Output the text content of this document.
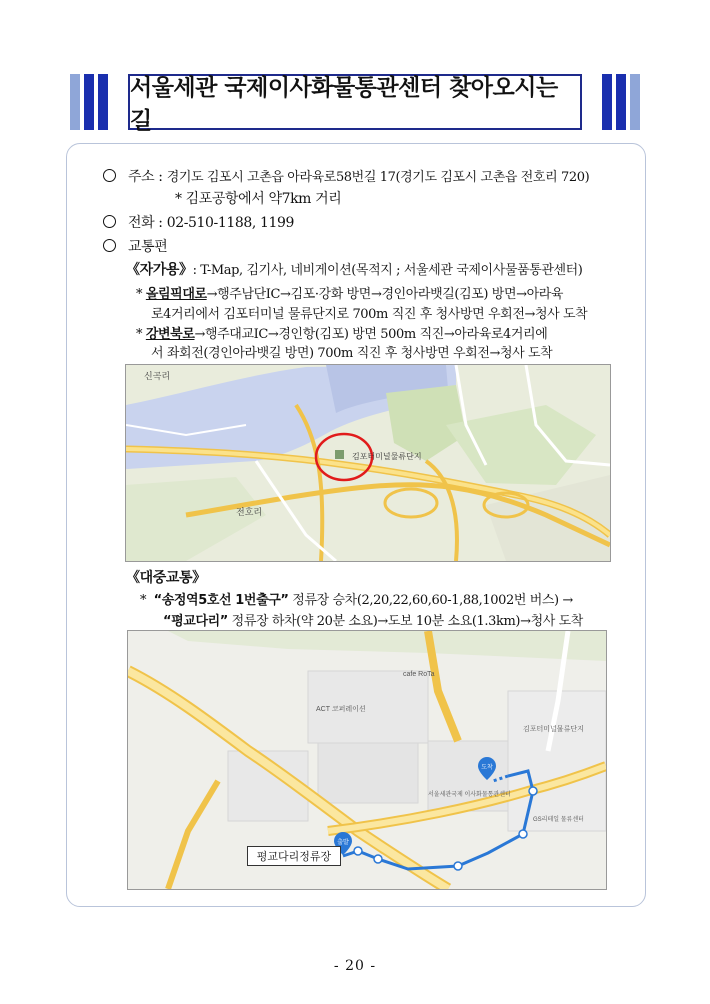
서울세관 국제이사화물통관센터 찾아오시는 길
주소 : 경기도 김포시 고촌읍 아라육로58번길 17(경기도 김포시 고촌읍 전호리 720)
* 김포공항에서 약7km 거리
전화 : 02-510-1188, 1199
교통편
《자가용》: T-Map, 김기사, 네비게이션(목적지 ; 서울세관 국제이사물품통관센터)
* 올림픽대로→행주남단IC→김포·강화 방면→경인아라뱃길(김포) 방면→아라육
로4거리에서 김포터미널 물류단지로 700m 직진 후 청사방면 우회전→청사 도착
* 강변북로→행주대교IC→경인항(김포) 방면 500m 직진→아라육로4거리에
서 좌회전(경인아라뱃길 방면) 700m 직진 후 청사방면 우회전→청사 도착
김포터미널물류단지
신곡리
전호리
《대중교통》
*  “송정역5호선 1번출구” 정류장 승차(2,20,22,60,60-1,88,1002번 버스) →
“평교다리” 정류장 하차(약 20분 소요)→도보 10분 소요(1.3km)→청사 도착
출발
도착
cafe RoTa
ACT 코퍼레이션
김포터미널물류단지
서울세관국제 이사화물통관센터
GS리테일 물류센터
평교다리정류장
- 20 -
